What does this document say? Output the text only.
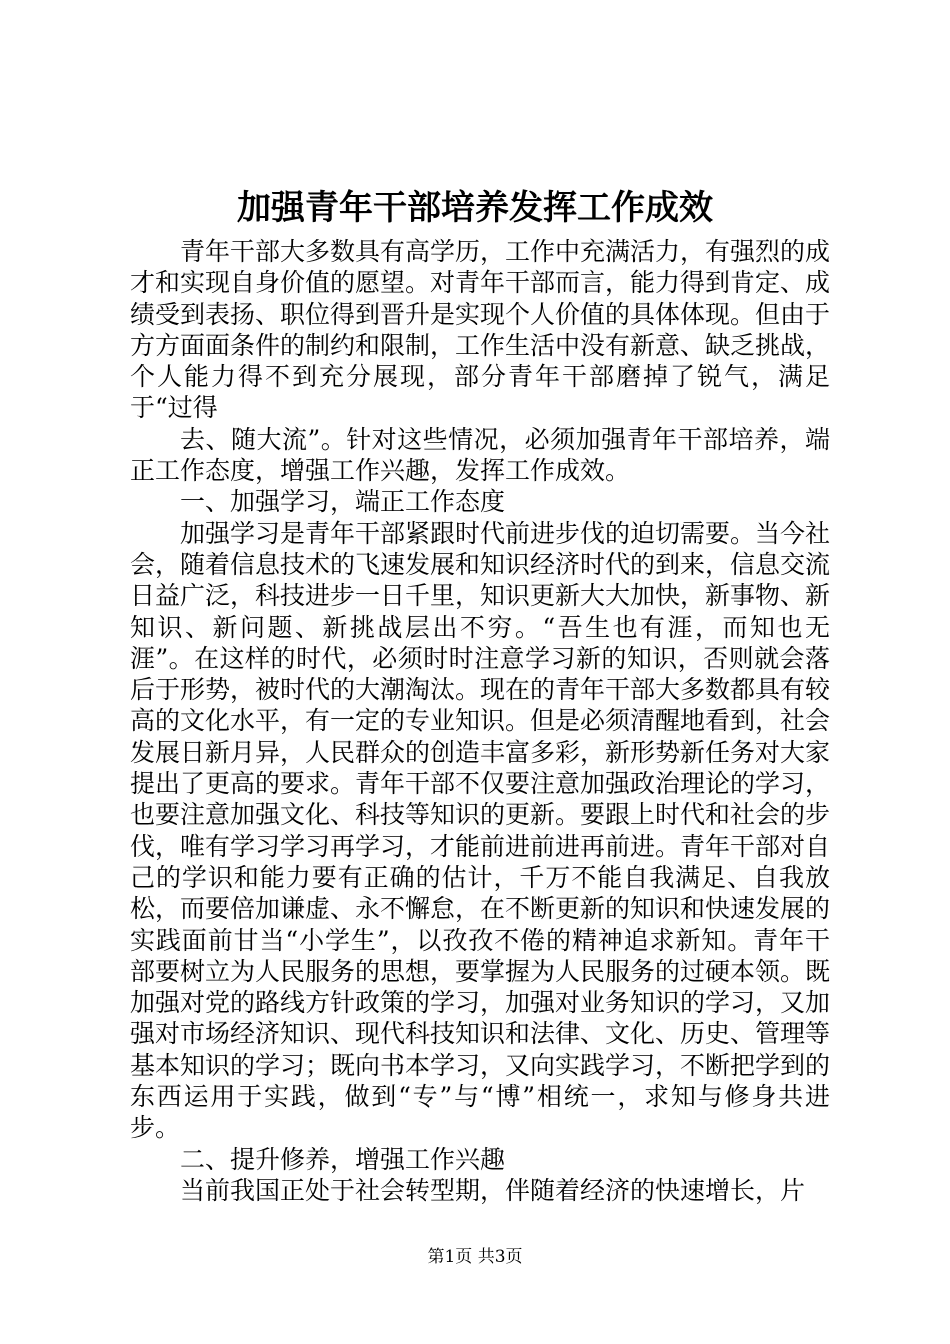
加强青年干部培养发挥工作成效

青年干部大多数具有高学历，工作中充满活力，有强烈的成才和实现自身价值的愿望。对青年干部而言，能力得到肯定、成绩受到表扬、职位得到晋升是实现个人价值的具体体现。但由于方方面面条件的制约和限制，工作生活中没有新意、缺乏挑战，个人能力得不到充分展现，部分青年干部磨掉了锐气，满足于“过得

去、随大流”。针对这些情况，必须加强青年干部培养，端正工作态度，增强工作兴趣，发挥工作成效。

一、加强学习，端正工作态度

加强学习是青年干部紧跟时代前进步伐的迫切需要。当今社会，随着信息技术的飞速发展和知识经济时代的到来，信息交流日益广泛，科技进步一日千里，知识更新大大加快，新事物、新知识、新问题、新挑战层出不穷。“吾生也有涯，而知也无涯”。在这样的时代，必须时时注意学习新的知识，否则就会落后于形势，被时代的大潮淘汰。现在的青年干部大多数都具有较高的文化水平，有一定的专业知识。但是必须清醒地看到，社会发展日新月异，人民群众的创造丰富多彩，新形势新任务对大家提出了更高的要求。青年干部不仅要注意加强政治理论的学习，也要注意加强文化、科技等知识的更新。要跟上时代和社会的步伐，唯有学习学习再学习，才能前进前进再前进。青年干部对自己的学识和能力要有正确的估计，千万不能自我满足、自我放松，而要倍加谦虚、永不懈怠，在不断更新的知识和快速发展的实践面前甘当“小学生”，以孜孜不倦的精神追求新知。青年干部要树立为人民服务的思想，要掌握为人民服务的过硬本领。既加强对党的路线方针政策的学习，加强对业务知识的学习，又加强对市场经济知识、现代科技知识和法律、文化、历史、管理等基本知识的学习；既向书本学习，又向实践学习，不断把学到的东西运用于实践，做到“专”与“博”相统一，求知与修身共进步。

二、提升修养，增强工作兴趣

当前我国正处于社会转型期，伴随着经济的快速增长，片

第1页 共3页
